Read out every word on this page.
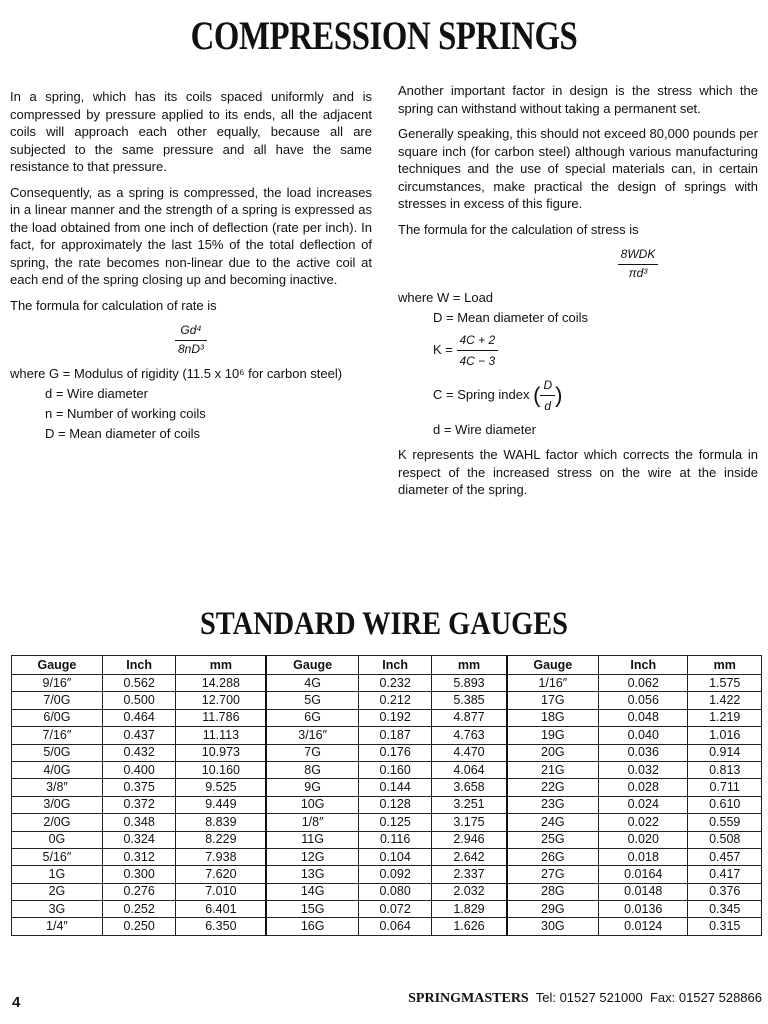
COMPRESSION SPRINGS

In a spring, which has its coils spaced uniformly and is compressed by pressure applied to its ends, all the adjacent coils will approach each other equally, because all are subjected to the same pressure and all have the same resistance to that pressure.

Consequently, as a spring is compressed, the load increases in a linear manner and the strength of a spring is expressed as the load obtained from one inch of deflection (rate per inch). In fact, for approximately the last 15% of the total deflection of spring, the rate becomes non-linear due to the active coil at each end of the spring closing up and becoming inactive.

The formula for calculation of rate is

$\frac{\text{Gd⁴}}{\text{8nD³}}$
where G = Modulus of rigidity (11.5 x 10⁶ for carbon steel)
d = Wire diameter
n = Number of working coils
D = Mean diameter of coils

Another important factor in design is the stress which the spring can withstand without taking a permanent set.

Generally speaking, this should not exceed 80,000 pounds per square inch (for carbon steel) although various manufacturing techniques and the use of special materials can, in certain circumstances, make practical the design of springs with stresses in excess of this figure.

The formula for the calculation of stress is

$\frac{\text{8WDK}}{\text{πd³}}$
where W = Load
D = Mean diameter of coils
$K = \frac{4C + 2}{4C - 3}$
C = Spring index ( $\frac{D}{d}$ )
d = Wire diameter

K represents the WAHL factor which corrects the formula in respect of the increased stress on the wire at the inside diameter of the spring.

STANDARD WIRE GAUGES
Gauge	Inch	mm	Gauge	Inch	mm	Gauge	Inch	mm
9/16″	0.562	14.288	4G	0.232	5.893	1/16″	0.062	1.575
7/0G	0.500	12.700	5G	0.212	5.385	17G	0.056	1.422
6/0G	0.464	11.786	6G	0.192	4.877	18G	0.048	1.219
7/16″	0.437	11.113	3/16″	0.187	4.763	19G	0.040	1.016
5/0G	0.432	10.973	7G	0.176	4.470	20G	0.036	0.914
4/0G	0.400	10.160	8G	0.160	4.064	21G	0.032	0.813
3/8″	0.375	9.525	9G	0.144	3.658	22G	0.028	0.711
3/0G	0.372	9.449	10G	0.128	3.251	23G	0.024	0.610
2/0G	0.348	8.839	1/8″	0.125	3.175	24G	0.022	0.559
0G	0.324	8.229	11G	0.116	2.946	25G	0.020	0.508
5/16″	0.312	7.938	12G	0.104	2.642	26G	0.018	0.457
1G	0.300	7.620	13G	0.092	2.337	27G	0.0164	0.417
2G	0.276	7.010	14G	0.080	2.032	28G	0.0148	0.376
3G	0.252	6.401	15G	0.072	1.829	29G	0.0136	0.345
1/4″	0.250	6.350	16G	0.064	1.626	30G	0.0124	0.315
4	SPRINGMASTERS Tel: 01527 521000 Fax: 01527 528866
